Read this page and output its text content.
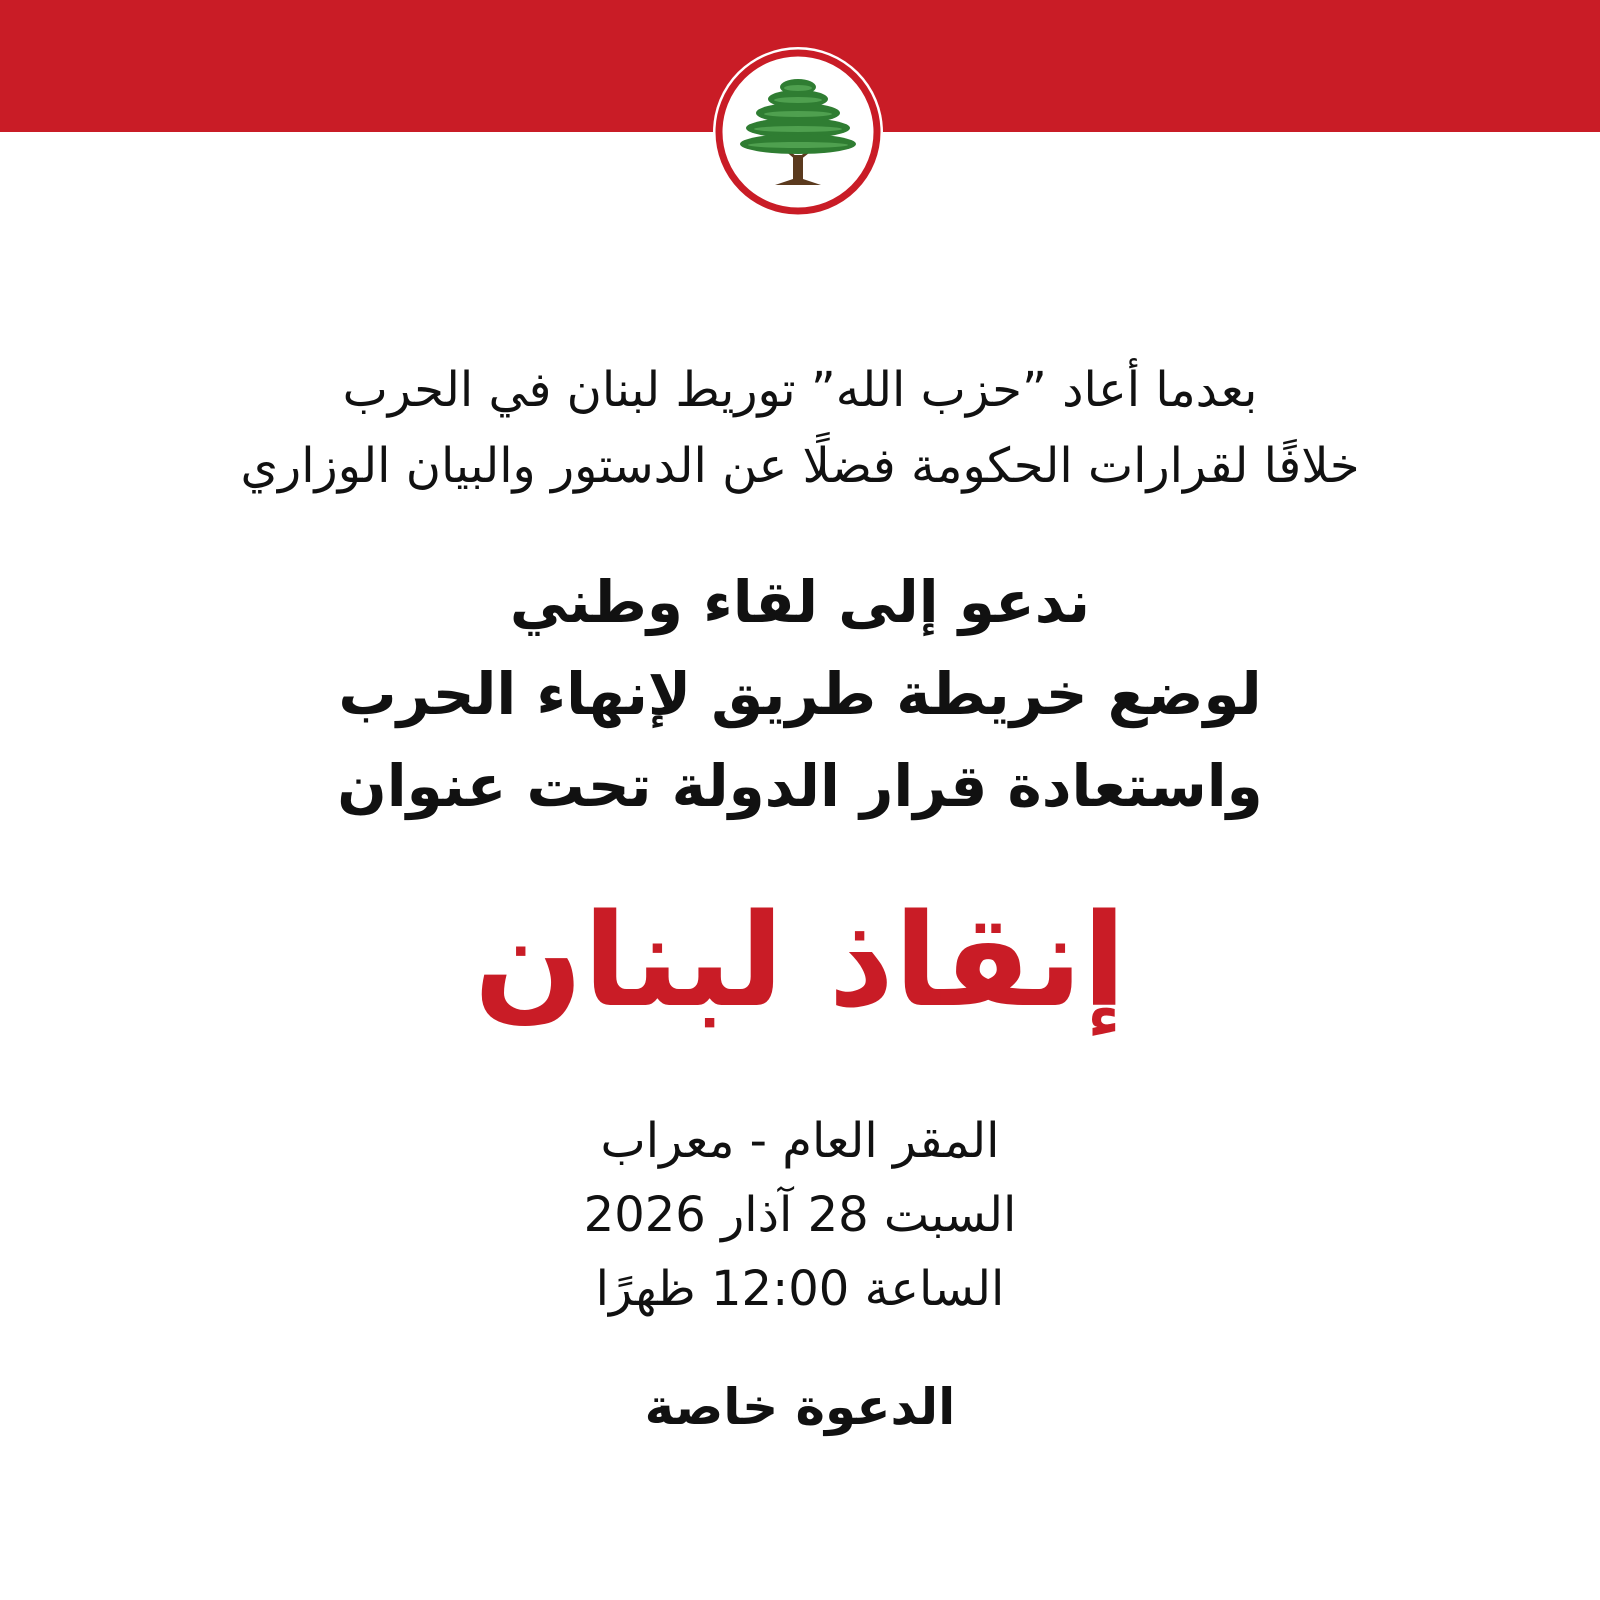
بعدما أعاد ”حزب الله” توريط لبنان في الحرب
خلافًا لقرارات الحكومة فضلًا عن الدستور والبيان الوزاري
ندعو إلى لقاء وطني
لوضع خريطة طريق لإنهاء الحرب
واستعادة قرار الدولة تحت عنوان
إنقاذ لبنان
المقر العام - معراب
السبت 28 آذار 2026
الساعة 12:00 ظهرًا
الدعوة خاصة
